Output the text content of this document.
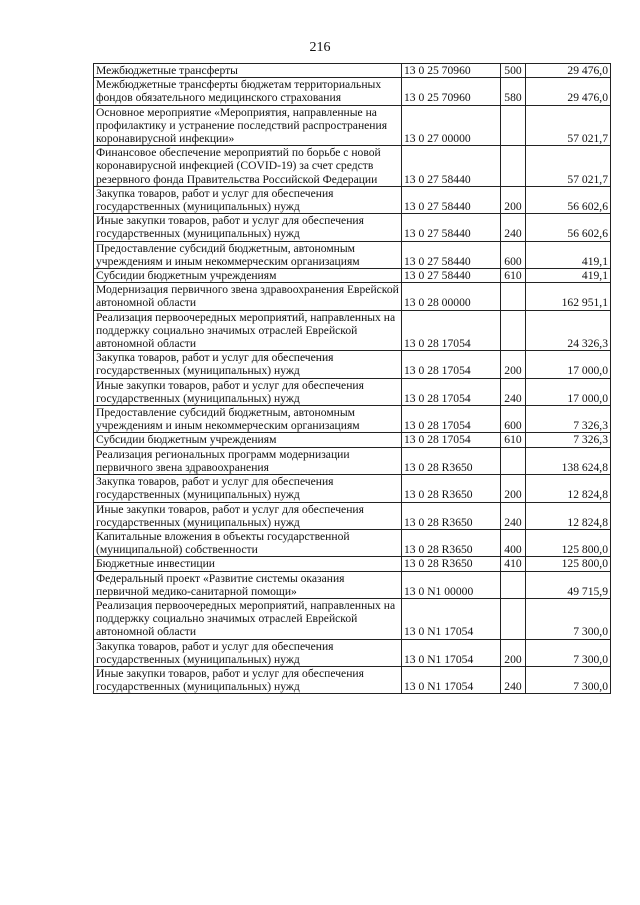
216
Межбюджетные трансферты	13 0 25 70960	500	29 476,0
Межбюджетные трансферты бюджетам территориальных фондов обязательного медицинского страхования	13 0 25 70960	580	29 476,0
Основное мероприятие «Мероприятия, направленные на профилактику и устранение последствий распространения коронавирусной инфекции»	13 0 27 00000		57 021,7
Финансовое обеспечение мероприятий по борьбе с новой коронавирусной инфекцией (COVID-19) за счет средств резервного фонда Правительства Российской Федерации	13 0 27 58440		57 021,7
Закупка товаров, работ и услуг для обеспечения государственных (муниципальных) нужд	13 0 27 58440	200	56 602,6
Иные закупки товаров, работ и услуг для обеспечения государственных (муниципальных) нужд	13 0 27 58440	240	56 602,6
Предоставление субсидий бюджетным, автономным учреждениям и иным некоммерческим организациям	13 0 27 58440	600	419,1
Субсидии бюджетным учреждениям	13 0 27 58440	610	419,1
Модернизация первичного звена здравоохранения Еврейской автономной области	13 0 28 00000		162 951,1
Реализация первоочередных мероприятий, направленных на поддержку социально значимых отраслей Еврейской автономной области	13 0 28 17054		24 326,3
Закупка товаров, работ и услуг для обеспечения государственных (муниципальных) нужд	13 0 28 17054	200	17 000,0
Иные закупки товаров, работ и услуг для обеспечения государственных (муниципальных) нужд	13 0 28 17054	240	17 000,0
Предоставление субсидий бюджетным, автономным учреждениям и иным некоммерческим организациям	13 0 28 17054	600	7 326,3
Субсидии бюджетным учреждениям	13 0 28 17054	610	7 326,3
Реализация региональных программ модернизации первичного звена здравоохранения	13 0 28 R3650		138 624,8
Закупка товаров, работ и услуг для обеспечения государственных (муниципальных) нужд	13 0 28 R3650	200	12 824,8
Иные закупки товаров, работ и услуг для обеспечения государственных (муниципальных) нужд	13 0 28 R3650	240	12 824,8
Капитальные вложения в объекты государственной (муниципальной) собственности	13 0 28 R3650	400	125 800,0
Бюджетные инвестиции	13 0 28 R3650	410	125 800,0
Федеральный проект «Развитие системы оказания первичной медико-санитарной помощи»	13 0 N1 00000		49 715,9
Реализация первоочередных мероприятий, направленных на поддержку социально значимых отраслей Еврейской автономной области	13 0 N1 17054		7 300,0
Закупка товаров, работ и услуг для обеспечения государственных (муниципальных) нужд	13 0 N1 17054	200	7 300,0
Иные закупки товаров, работ и услуг для обеспечения государственных (муниципальных) нужд	13 0 N1 17054	240	7 300,0
